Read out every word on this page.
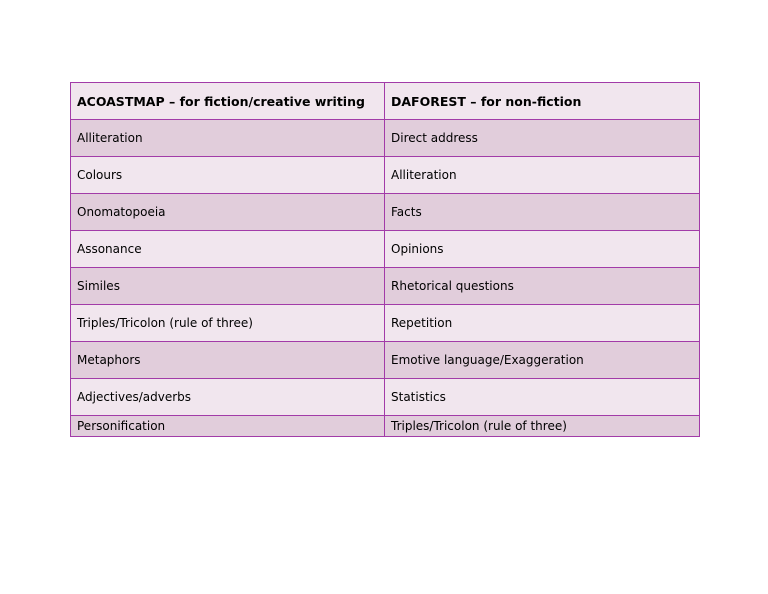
ACOASTMAP – for fiction/creative writing	DAFOREST – for non-fiction
Alliteration	Direct address
Colours	Alliteration
Onomatopoeia	Facts
Assonance	Opinions
Similes	Rhetorical questions
Triples/Tricolon (rule of three)	Repetition
Metaphors	Emotive language/Exaggeration
Adjectives/adverbs	Statistics
Personification	Triples/Tricolon (rule of three)
